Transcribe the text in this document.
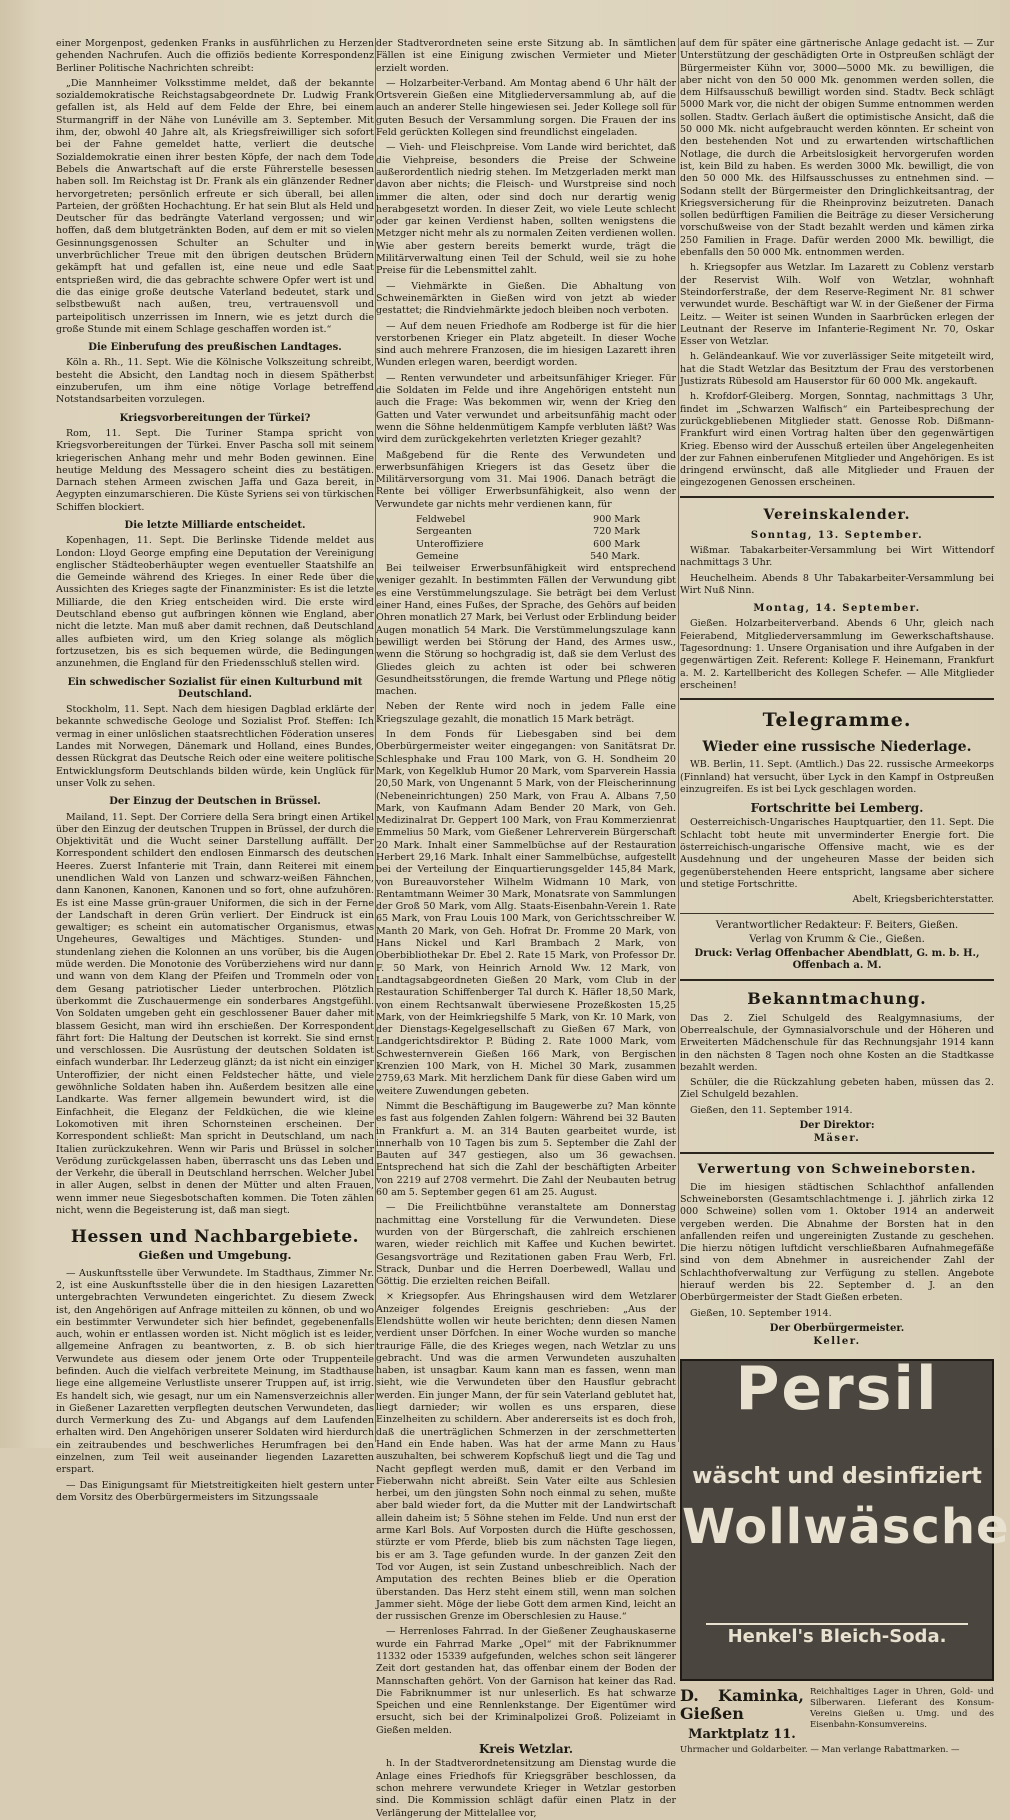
einer Morgenpost, gedenken Franks in ausführlichen zu Herzen gehenden Nachrufen. Auch die offiziös bediente Korrespondenz Berliner Politische Nachrichten schreibt:

„Die Mannheimer Volksstimme meldet, daß der bekannte sozialdemokratische Reichstagsabgeordnete Dr. Ludwig Frank gefallen ist, als Held auf dem Felde der Ehre, bei einem Sturmangriff in der Nähe von Lunéville am 3. September. Mit ihm, der, obwohl 40 Jahre alt, als Kriegsfreiwilliger sich sofort bei der Fahne gemeldet hatte, verliert die deutsche Sozialdemokratie einen ihrer besten Köpfe, der nach dem Tode Bebels die Anwartschaft auf die erste Führerstelle besessen haben soll. Im Reichstag ist Dr. Frank als ein glänzender Redner hervorgetreten; persönlich erfreute er sich überall, bei allen Parteien, der größten Hochachtung. Er hat sein Blut als Held und Deutscher für das bedrängte Vaterland vergossen; und wir hoffen, daß dem blutgetränkten Boden, auf dem er mit so vielen Gesinnungsgenossen Schulter an Schulter und in unverbrüchlicher Treue mit den übrigen deutschen Brüdern gekämpft hat und gefallen ist, eine neue und edle Saat entsprießen wird, die das gebrachte schwere Opfer wert ist und die das einige große deutsche Vaterland bedeutet, stark und selbstbewußt nach außen, treu, vertrauensvoll und parteipolitisch unzerrissen im Innern, wie es jetzt durch die große Stunde mit einem Schlage geschaffen worden ist.“

Die Einberufung des preußischen Landtages.

Köln a. Rh., 11. Sept. Wie die Kölnische Volkszeitung schreibt, besteht die Absicht, den Landtag noch in diesem Spätherbst einzuberufen, um ihm eine nötige Vorlage betreffend Notstandsarbeiten vorzulegen.

Kriegsvorbereitungen der Türkei?

Rom, 11. Sept. Die Turiner Stampa spricht von Kriegsvorbereitungen der Türkei. Enver Pascha soll mit seinem kriegerischen Anhang mehr und mehr Boden gewinnen. Eine heutige Meldung des Messagero scheint dies zu bestätigen. Darnach stehen Armeen zwischen Jaffa und Gaza bereit, in Aegypten einzumarschieren. Die Küste Syriens sei von türkischen Schiffen blockiert.

Die letzte Milliarde entscheidet.

Kopenhagen, 11. Sept. Die Berlinske Tidende meldet aus London: Lloyd George empfing eine Deputation der Vereinigung englischer Städteoberhäupter wegen eventueller Staatshilfe an die Gemeinde während des Krieges. In einer Rede über die Aussichten des Krieges sagte der Finanzminister: Es ist die letzte Milliarde, die den Krieg entscheiden wird. Die erste wird Deutschland ebenso gut aufbringen können wie England, aber nicht die letzte. Man muß aber damit rechnen, daß Deutschland alles aufbieten wird, um den Krieg solange als möglich fortzusetzen, bis es sich bequemen würde, die Bedingungen anzunehmen, die England für den Friedensschluß stellen wird.

Ein schwedischer Sozialist für einen Kulturbund mit Deutschland.

Stockholm, 11. Sept. Nach dem hiesigen Dagblad erklärte der bekannte schwedische Geologe und Sozialist Prof. Steffen: Ich vermag in einer unlöslichen staatsrechtlichen Föderation unseres Landes mit Norwegen, Dänemark und Holland, eines Bundes, dessen Rückgrat das Deutsche Reich oder eine weitere politische Entwicklungsform Deutschlands bilden würde, kein Unglück für unser Volk zu sehen.

Der Einzug der Deutschen in Brüssel.

Mailand, 11. Sept. Der Corriere della Sera bringt einen Artikel über den Einzug der deutschen Truppen in Brüssel, der durch die Objektivität und die Wucht seiner Darstellung auffällt. Der Korrespondent schildert den endlosen Einmarsch des deutschen Heeres. Zuerst Infanterie mit Train, dann Reiterei mit einem unendlichen Wald von Lanzen und schwarz-weißen Fähnchen, dann Kanonen, Kanonen, Kanonen und so fort, ohne aufzuhören. Es ist eine Masse grün-grauer Uniformen, die sich in der Ferne der Landschaft in deren Grün verliert. Der Eindruck ist ein gewaltiger; es scheint ein automatischer Organismus, etwas Ungeheures, Gewaltiges und Mächtiges. Stunden- und stundenlang ziehen die Kolonnen an uns vorüber, bis die Augen müde werden. Die Monotonie des Vorüberziehens wird nur dann und wann von dem Klang der Pfeifen und Trommeln oder von dem Gesang patriotischer Lieder unterbrochen. Plötzlich überkommt die Zuschauermenge ein sonderbares Angstgefühl. Von Soldaten umgeben geht ein geschlossener Bauer daher mit blassem Gesicht, man wird ihn erschießen. Der Korrespondent fährt fort: Die Haltung der Deutschen ist korrekt. Sie sind ernst und verschlossen. Die Ausrüstung der deutschen Soldaten ist einfach wunderbar. Ihr Lederzeug glänzt; da ist nicht ein einziger Unteroffizier, der nicht einen Feldstecher hätte, und viele gewöhnliche Soldaten haben ihn. Außerdem besitzen alle eine Landkarte. Was ferner allgemein bewundert wird, ist die Einfachheit, die Eleganz der Feldküchen, die wie kleine Lokomotiven mit ihren Schornsteinen erscheinen. Der Korrespondent schließt: Man spricht in Deutschland, um nach Italien zurückzukehren. Wenn wir Paris und Brüssel in solcher Verödung zurückgelassen haben, überrascht uns das Leben und der Verkehr, die überall in Deutschland herrschen. Welcher Jubel in aller Augen, selbst in denen der Mütter und alten Frauen, wenn immer neue Siegesbotschaften kommen. Die Toten zählen nicht, wenn die Begeisterung ist, daß man siegt.

Hessen und Nachbargebiete.
Gießen und Umgebung.

— Auskunftsstelle über Verwundete. Im Stadthaus, Zimmer Nr. 2, ist eine Auskunftsstelle über die in den hiesigen Lazaretten untergebrachten Verwundeten eingerichtet. Zu diesem Zweck ist, den Angehörigen auf Anfrage mitteilen zu können, ob und wo ein bestimmter Verwundeter sich hier befindet, gegebenenfalls auch, wohin er entlassen worden ist. Nicht möglich ist es leider, allgemeine Anfragen zu beantworten, z. B. ob sich hier Verwundete aus diesem oder jenem Orte oder Truppenteile befinden. Auch die vielfach verbreitete Meinung, im Stadthause liege eine allgemeine Verlustliste unserer Truppen auf, ist irrig. Es handelt sich, wie gesagt, nur um ein Namensverzeichnis aller in Gießener Lazaretten verpflegten deutschen Verwundeten, das durch Vermerkung des Zu- und Abgangs auf dem Laufenden erhalten wird. Den Angehörigen unserer Soldaten wird hierdurch ein zeitraubendes und beschwerliches Herumfragen bei den einzelnen, zum Teil weit auseinander liegenden Lazaretten erspart.

— Das Einigungsamt für Mietstreitigkeiten hielt gestern unter dem Vorsitz des Oberbürgermeisters im Sitzungssaale

der Stadtverordneten seine erste Sitzung ab. In sämtlichen Fällen ist eine Einigung zwischen Vermieter und Mieter erzielt worden.

— Holzarbeiter-Verband. Am Montag abend 6 Uhr hält der Ortsverein Gießen eine Mitgliederversammlung ab, auf die auch an anderer Stelle hingewiesen sei. Jeder Kollege soll für guten Besuch der Versammlung sorgen. Die Frauen der ins Feld gerückten Kollegen sind freundlichst eingeladen.

— Vieh- und Fleischpreise. Vom Lande wird berichtet, daß die Viehpreise, besonders die Preise der Schweine außerordentlich niedrig stehen. Im Metzgerladen merkt man davon aber nichts; die Fleisch- und Wurstpreise sind noch immer die alten, oder sind doch nur derartig wenig herabgesetzt worden. In dieser Zeit, wo viele Leute schlecht oder gar keinen Verdienst haben, sollten wenigstens die Metzger nicht mehr als zu normalen Zeiten verdienen wollen. Wie aber gestern bereits bemerkt wurde, trägt die Militärverwaltung einen Teil der Schuld, weil sie zu hohe Preise für die Lebensmittel zahlt.

— Viehmärkte in Gießen. Die Abhaltung von Schweinemärkten in Gießen wird von jetzt ab wieder gestattet; die Rindviehmärkte jedoch bleiben noch verboten.

— Auf dem neuen Friedhofe am Rodberge ist für die hier verstorbenen Krieger ein Platz abgeteilt. In dieser Woche sind auch mehrere Franzosen, die im hiesigen Lazarett ihren Wunden erlegen waren, beerdigt worden.

— Renten verwundeter und arbeitsunfähiger Krieger. Für die Soldaten im Felde und ihre Angehörigen entsteht nun auch die Frage: Was bekommen wir, wenn der Krieg den Gatten und Vater verwundet und arbeitsunfähig macht oder wenn die Söhne heldenmütigem Kampfe verbluten läßt? Was wird dem zurückgekehrten verletzten Krieger gezahlt?

Maßgebend für die Rente des Verwundeten und erwerbsunfähigen Kriegers ist das Gesetz über die Militärversorgung vom 31. Mai 1906. Danach beträgt die Rente bei völliger Erwerbsunfähigkeit, also wenn der Verwundete gar nichts mehr verdienen kann, für

Feldwebel	900 Mark
Sergeanten	720 Mark
Unteroffiziere	600 Mark
Gemeine	540 Mark.

Bei teilweiser Erwerbsunfähigkeit wird entsprechend weniger gezahlt. In bestimmten Fällen der Verwundung gibt es eine Verstümmelungszulage. Sie beträgt bei dem Verlust einer Hand, eines Fußes, der Sprache, des Gehörs auf beiden Ohren monatlich 27 Mark, bei Verlust oder Erblindung beider Augen monatlich 54 Mark. Die Verstümmelungszulage kann bewilligt werden bei Störung der Hand, des Armes usw., wenn die Störung so hochgradig ist, daß sie dem Verlust des Gliedes gleich zu achten ist oder bei schweren Gesundheitsstörungen, die fremde Wartung und Pflege nötig machen.

Neben der Rente wird noch in jedem Falle eine Kriegszulage gezahlt, die monatlich 15 Mark beträgt.

In dem Fonds für Liebesgaben sind bei dem Oberbürgermeister weiter eingegangen: von Sanitätsrat Dr. Schlesphake und Frau 100 Mark, von G. H. Sondheim 20 Mark, von Kegelklub Humor 20 Mark, vom Sparverein Hassia 20,50 Mark, von Ungenannt 5 Mark, von der Fleischerinnung (Nebeneinrichtungen) 250 Mark, von Frau A. Albans 7,50 Mark, von Kaufmann Adam Bender 20 Mark, von Geh. Medizinalrat Dr. Geppert 100 Mark, von Frau Kommerzienrat Emmelius 50 Mark, vom Gießener Lehrerverein Bürgerschaft 20 Mark. Inhalt einer Sammelbüchse auf der Restauration Herbert 29,16 Mark. Inhalt einer Sammelbüchse, aufgestellt bei der Verteilung der Einquartierungsgelder 145,84 Mark, von Bureauvorsteher Wilhelm Widmann 10 Mark, von Rentamtmann Weimer 30 Mark, Monatsrate von Sammlungen der Groß 50 Mark, vom Allg. Staats-Eisenbahn-Verein 1. Rate 65 Mark, von Frau Louis 100 Mark, von Gerichtsschreiber W. Manth 20 Mark, von Geh. Hofrat Dr. Fromme 20 Mark, von Hans Nickel und Karl Brambach 2 Mark, von Oberbibliothekar Dr. Ebel 2. Rate 15 Mark, von Professor Dr. F. 50 Mark, von Heinrich Arnold Ww. 12 Mark, von Landtagsabgeordneten Gießen 20 Mark, vom Club in der Restauration Schiffenberger Tal durch K. Häfler 18,50 Mark, von einem Rechtsanwalt überwiesene Prozeßkosten 15,25 Mark, von der Heimkriegshilfe 5 Mark, von Kr. 10 Mark, von der Dienstags-Kegelgesellschaft zu Gießen 67 Mark, von Landgerichtsdirektor P. Büding 2. Rate 1000 Mark, vom Schwesternverein Gießen 166 Mark, von Bergischen Krenzien 100 Mark, von H. Michel 30 Mark, zusammen 2759,63 Mark. Mit herzlichem Dank für diese Gaben wird um weitere Zuwendungen gebeten.

Nimmt die Beschäftigung im Baugewerbe zu? Man könnte es fast aus folgenden Zahlen folgern: Während bei 32 Bauten in Frankfurt a. M. an 314 Bauten gearbeitet wurde, ist innerhalb von 10 Tagen bis zum 5. September die Zahl der Bauten auf 347 gestiegen, also um 36 gewachsen. Entsprechend hat sich die Zahl der beschäftigten Arbeiter von 2219 auf 2708 vermehrt. Die Zahl der Neubauten betrug 60 am 5. September gegen 61 am 25. August.

— Die Freilichtbühne veranstaltete am Donnerstag nachmittag eine Vorstellung für die Verwundeten. Diese wurden von der Bürgerschaft, die zahlreich erschienen waren, wieder reichlich mit Kaffee und Kuchen bewirtet. Gesangsvorträge und Rezitationen gaben Frau Werb, Frl. Strack, Dunbar und die Herren Doerbewedl, Wallau und Göttig. Die erzielten reichen Beifall.

× Kriegsopfer. Aus Ehringshausen wird dem Wetzlarer Anzeiger folgendes Ereignis geschrieben: „Aus der Elendshütte wollen wir heute berichten; denn diesen Namen verdient unser Dörfchen. In einer Woche wurden so manche traurige Fälle, die des Krieges wegen, nach Wetzlar zu uns gebracht. Und was die armen Verwundeten auszuhalten haben, ist unsagbar. Kaum kann man es fassen, wenn man sieht, wie die Verwundeten über den Hausflur gebracht werden. Ein junger Mann, der für sein Vaterland geblutet hat, liegt darnieder; wir wollen es uns ersparen, diese Einzelheiten zu schildern. Aber andererseits ist es doch froh, daß die unerträglichen Schmerzen in der zerschmetterten Hand ein Ende haben. Was hat der arme Mann zu Haus auszuhalten, bei schwerem Kopfschuß liegt und die Tag und Nacht gepflegt werden muß, damit er den Verband im Fieberwahn nicht abreißt. Sein Vater eilte aus Schlesien herbei, um den jüngsten Sohn noch einmal zu sehen, mußte aber bald wieder fort, da die Mutter mit der Landwirtschaft allein daheim ist; 5 Söhne stehen im Felde. Und nun erst der arme Karl Bols. Auf Vorposten durch die Hüfte geschossen, stürzte er vom Pferde, blieb bis zum nächsten Tage liegen, bis er am 3. Tage gefunden wurde. In der ganzen Zeit den Tod vor Augen, ist sein Zustand unbeschreiblich. Nach der Amputation des rechten Beines blieb er die Operation überstanden. Das Herz steht einem still, wenn man solchen Jammer sieht. Möge der liebe Gott dem armen Kind, leicht an der russischen Grenze im Oberschlesien zu Hause.“

— Herrenloses Fahrrad. In der Gießener Zeughauskaserne wurde ein Fahrrad Marke „Opel“ mit der Fabriknummer 11332 oder 15339 aufgefunden, welches schon seit längerer Zeit dort gestanden hat, das offenbar einem der Boden der Mannschaften gehört. Von der Garnison hat keiner das Rad. Die Fabriknummer ist nur unleserlich. Es hat schwarze Speichen und eine Rennlenkstange. Der Eigentümer wird ersucht, sich bei der Kriminalpolizei Groß. Polizeiamt in Gießen melden.

Kreis Wetzlar.

h. In der Stadtverordnetensitzung am Dienstag wurde die Anlage eines Friedhofs für Kriegsgräber beschlossen, da schon mehrere verwundete Krieger in Wetzlar gestorben sind. Die Kommission schlägt dafür einen Platz in der Verlängerung der Mittelallee vor,

auf dem für später eine gärtnerische Anlage gedacht ist. — Zur Unterstützung der geschädigten Orte in Ostpreußen schlägt der Bürgermeister Kühn vor, 3000—5000 Mk. zu bewilligen, die aber nicht von den 50 000 Mk. genommen werden sollen, die dem Hilfsausschuß bewilligt worden sind. Stadtv. Beck schlägt 5000 Mark vor, die nicht der obigen Summe entnommen werden sollen. Stadtv. Gerlach äußert die optimistische Ansicht, daß die 50 000 Mk. nicht aufgebraucht werden könnten. Er scheint von den bestehenden Not und zu erwartenden wirtschaftlichen Notlage, die durch die Arbeitslosigkeit hervorgerufen worden ist, kein Bild zu haben. Es werden 3000 Mk. bewilligt, die von den 50 000 Mk. des Hilfsausschusses zu entnehmen sind. — Sodann stellt der Bürgermeister den Dringlichkeitsantrag, der Kriegsversicherung für die Rheinprovinz beizutreten. Danach sollen bedürftigen Familien die Beiträge zu dieser Versicherung vorschußweise von der Stadt bezahlt werden und kämen zirka 250 Familien in Frage. Dafür werden 2000 Mk. bewilligt, die ebenfalls den 50 000 Mk. entnommen werden.

h. Kriegsopfer aus Wetzlar. Im Lazarett zu Coblenz verstarb der Reservist Wilh. Wolf von Wetzlar, wohnhaft Steindorferstraße, der dem Reserve-Regiment Nr. 81 schwer verwundet wurde. Beschäftigt war W. in der Gießener der Firma Leitz. — Weiter ist seinen Wunden in Saarbrücken erlegen der Leutnant der Reserve im Infanterie-Regiment Nr. 70, Oskar Esser von Wetzlar.

h. Geländeankauf. Wie vor zuverlässiger Seite mitgeteilt wird, hat die Stadt Wetzlar das Besitztum der Frau des verstorbenen Justizrats Rübesold am Hauserstor für 60 000 Mk. angekauft.

h. Krofdorf-Gleiberg. Morgen, Sonntag, nachmittags 3 Uhr, findet im „Schwarzen Walfisch“ ein Parteibesprechung der zurückgebliebenen Mitglieder statt. Genosse Rob. Dißmann-Frankfurt wird einen Vortrag halten über den gegenwärtigen Krieg. Ebenso wird der Ausschuß erteilen über Angelegenheiten der zur Fahnen einberufenen Mitglieder und Angehörigen. Es ist dringend erwünscht, daß alle Mitglieder und Frauen der eingezogenen Genossen erscheinen.

Vereinskalender.
Sonntag, 13. September.

Wißmar. Tabakarbeiter-Versammlung bei Wirt Wittendorf nachmittags 3 Uhr.

Heuchelheim. Abends 8 Uhr Tabakarbeiter-Versammlung bei Wirt Nuß Ninn.

Montag, 14. September.

Gießen. Holzarbeiterverband. Abends 6 Uhr, gleich nach Feierabend, Mitgliederversammlung im Gewerkschaftshause. Tagesordnung: 1. Unsere Organisation und ihre Aufgaben in der gegenwärtigen Zeit. Referent: Kollege F. Heinemann, Frankfurt a. M. 2. Kartellbericht des Kollegen Schefer. — Alle Mitglieder erscheinen!

Telegramme.
Wieder eine russische Niederlage.

WB. Berlin, 11. Sept. (Amtlich.) Das 22. russische Armeekorps (Finnland) hat versucht, über Lyck in den Kampf in Ostpreußen einzugreifen. Es ist bei Lyck geschlagen worden.

Fortschritte bei Lemberg.

Oesterreichisch-Ungarisches Hauptquartier, den 11. Sept. Die Schlacht tobt heute mit unverminderter Energie fort. Die österreichisch-ungarische Offensive macht, wie es der Ausdehnung und der ungeheuren Masse der beiden sich gegenüberstehenden Heere entspricht, langsame aber sichere und stetige Fortschritte.

Abelt, Kriegsberichterstatter.

Verantwortlicher Redakteur: F. Beiters, Gießen.
Verlag von Krumm & Cie., Gießen.
Druck: Verlag Offenbacher Abendblatt, G. m. b. H., Offenbach a. M.
Bekanntmachung.

Das 2. Ziel Schulgeld des Realgymnasiums, der Oberrealschule, der Gymnasialvorschule und der Höheren und Erweiterten Mädchenschule für das Rechnungsjahr 1914 kann in den nächsten 8 Tagen noch ohne Kosten an die Stadtkasse bezahlt werden.

Schüler, die die Rückzahlung gebeten haben, müssen das 2. Ziel Schulgeld bezahlen.

Gießen, den 11. September 1914.

Der Direktor:
Mäser.
Verwertung von Schweineborsten.

Die im hiesigen städtischen Schlachthof anfallenden Schweineborsten (Gesamtschlachtmenge i. J. jährlich zirka 12 000 Schweine) sollen vom 1. Oktober 1914 an anderweit vergeben werden. Die Abnahme der Borsten hat in den anfallenden reifen und ungereinigten Zustande zu geschehen. Die hierzu nötigen luftdicht verschließbaren Aufnahmegefäße sind von dem Abnehmer in ausreichender Zahl der Schlachthofverwaltung zur Verfügung zu stellen. Angebote hierauf werden bis 22. September d. J. an den Oberbürgermeister der Stadt Gießen erbeten.

Gießen, 10. September 1914.

Der Oberbürgermeister.
Keller.
Persil
wäscht und desinfiziert
Wollwäsche
Henkel's Bleich-Soda.
D. Kaminka, Gießen
Marktplatz 11.
Reichhaltiges Lager in Uhren, Gold- und Silberwaren. Lieferant des Konsum-Vereins Gießen u. Umg. und des Eisenbahn-Konsumvereins.
Uhrmacher und Goldarbeiter. — Man verlange Rabattmarken. —
